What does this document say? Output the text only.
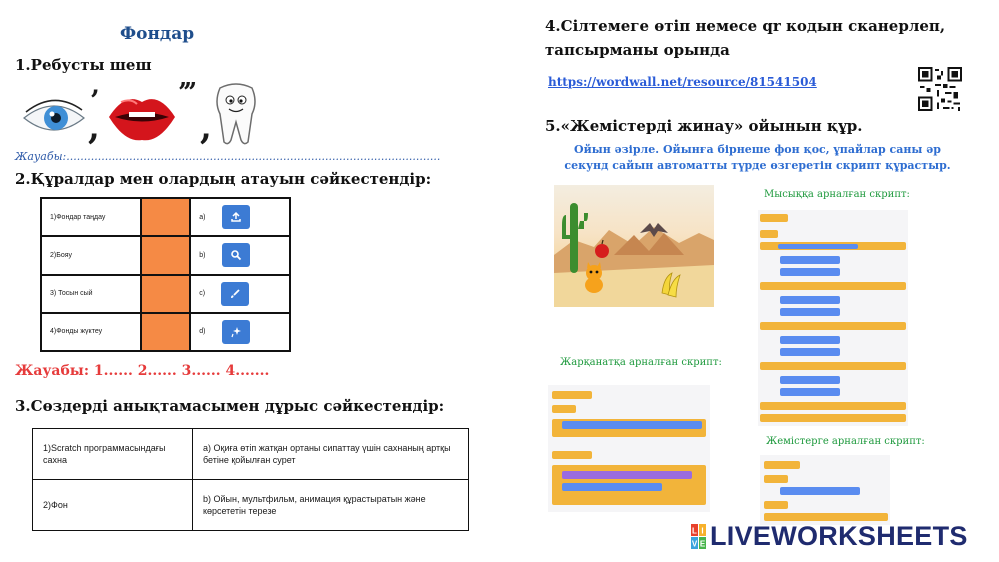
Фондар
1.Ребусты шеш
’
,
’’’
,
Жауабы:...........................................................................................................
2.Құралдар мен олардың атауын сәйкестендір:
1)Фондар таңдау		a)

2)Бояу		b)

3) Тосын сый		c)

4)Фонды жүктеу		d)
Жауабы: 1...... 2...... 3...... 4.......
3.Сөздерді анықтамасымен дұрыс сәйкестендір:
1)Scratch программасындағы сахна	a) Оқиға өтіп жатқан ортаны сипаттау үшін сахнаның артқы бетіне қойылған сурет
2)Фон	b) Ойын, мультфильм, анимация құрастыратын және көрсететін терезе
4.Сілтемеге өтіп немесе qr кодын сканерлеп, тапсырманы орында
https://wordwall.net/resource/81541504
5.«Жемістерді жинау» ойынын құр.
Ойын әзірле. Ойынға бірнеше фон қос, ұпайлар саны әр секунд сайын автоматты түрде өзгеретін скрипт құрастыр.
Мысыққа арналған скрипт:
Жарқанатқа арналған скрипт:
Жемістерге арналған скрипт:
L I
V E LIVEWORKSHEETS
